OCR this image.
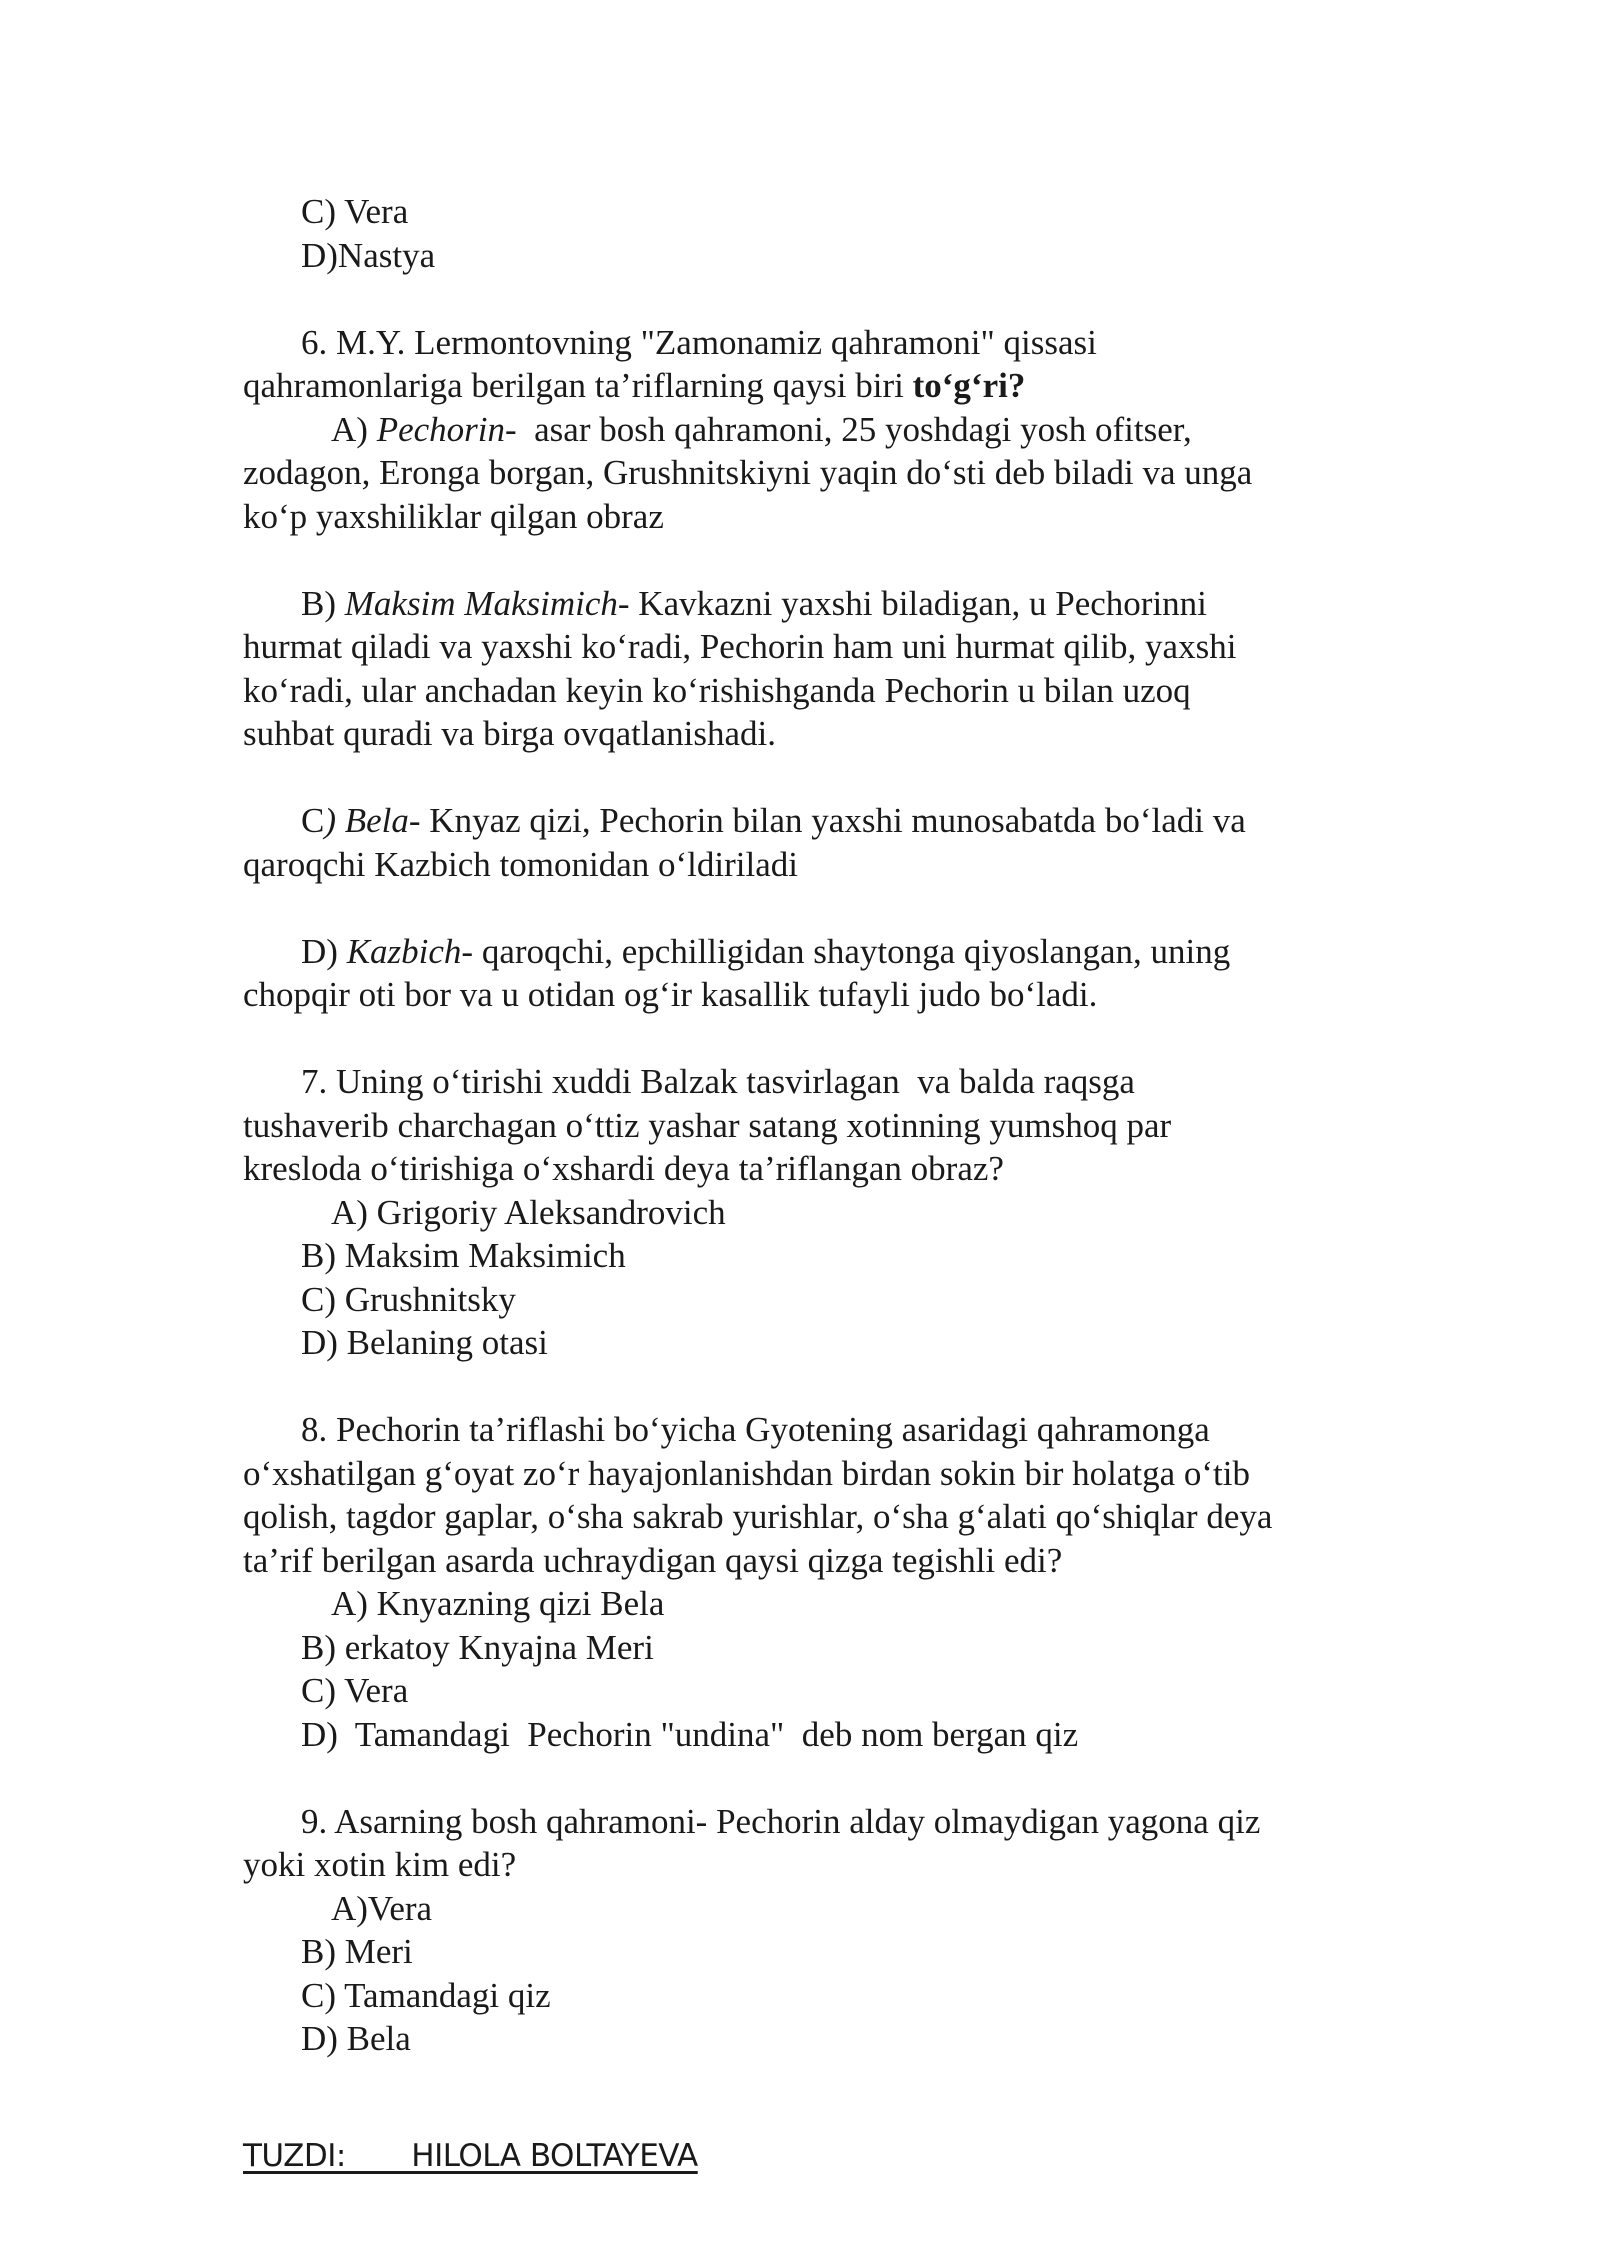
C) Vera
D)Nastya
6. M.Y. Lermontovning "Zamonamiz qahramoni" qissasi
qahramonlariga berilgan ta’riflarning qaysi biri to‘g‘ri?
A) Pechorin-  asar bosh qahramoni, 25 yoshdagi yosh ofitser,
zodagon, Eronga borgan, Grushnitskiyni yaqin do‘sti deb biladi va unga
ko‘p yaxshiliklar qilgan obraz
B) Maksim Maksimich- Kavkazni yaxshi biladigan, u Pechorinni
hurmat qiladi va yaxshi ko‘radi, Pechorin ham uni hurmat qilib, yaxshi
ko‘radi, ular anchadan keyin ko‘rishishganda Pechorin u bilan uzoq
suhbat quradi va birga ovqatlanishadi.
C) Bela- Knyaz qizi, Pechorin bilan yaxshi munosabatda bo‘ladi va
qaroqchi Kazbich tomonidan o‘ldiriladi
D) Kazbich- qaroqchi, epchilligidan shaytonga qiyoslangan, uning
chopqir oti bor va u otidan og‘ir kasallik tufayli judo bo‘ladi.
7. Uning o‘tirishi xuddi Balzak tasvirlagan  va balda raqsga
tushaverib charchagan o‘ttiz yashar satang xotinning yumshoq par
kresloda o‘tirishiga o‘xshardi deya ta’riflangan obraz?
A) Grigoriy Aleksandrovich
B) Maksim Maksimich
C) Grushnitsky
D) Belaning otasi
8. Pechorin ta’riflashi bo‘yicha Gyotening asaridagi qahramonga
o‘xshatilgan g‘oyat zo‘r hayajonlanishdan birdan sokin bir holatga o‘tib
qolish, tagdor gaplar, o‘sha sakrab yurishlar, o‘sha g‘alati qo‘shiqlar deya
ta’rif berilgan asarda uchraydigan qaysi qizga tegishli edi?
A) Knyazning qizi Bela
B) erkatoy Knyajna Meri
C) Vera
D)  Tamandagi  Pechorin "undina"  deb nom bergan qiz
9. Asarning bosh qahramoni- Pechorin alday olmaydigan yagona qiz
yoki xotin kim edi?
A)Vera
B) Meri
C) Tamandagi qiz
D) Bela
TUZDI:       HILOLA BOLTAYEVA
